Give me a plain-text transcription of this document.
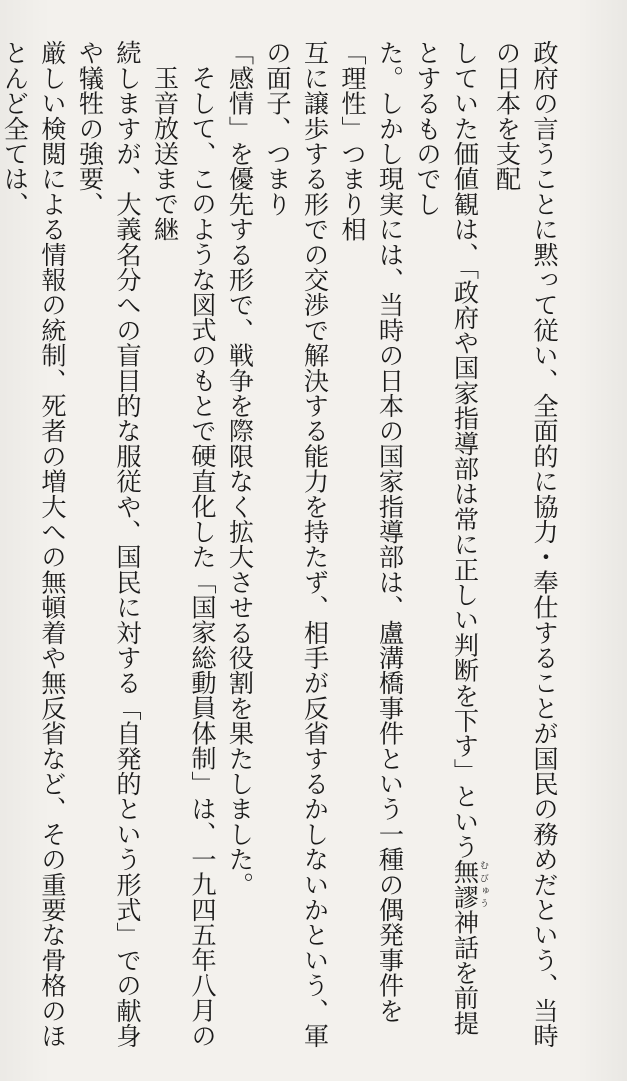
政府の言うことに黙って従い、全面的に協力・奉仕することが国民の務めだという、当時の日本を支配
していた価値観は、「政府や国家指導部は常に正しい判断を下す」という無謬むびゅう神話を前提とするものでし
た。しかし現実には、当時の日本の国家指導部は、盧溝橋事件という一種の偶発事件を「理性」つまり相
互に譲歩する形での交渉で解決する能力を持たず、相手が反省するかしないかという、軍の面子、つまり
「感情」を優先する形で、戦争を際限なく拡大させる役割を果たしました。
そして、このような図式のもとで硬直化した「国家総動員体制」は、一九四五年八月の玉音放送まで継
続しますが、大義名分への盲目的な服従や、国民に対する「自発的という形式」での献身や犠牲の強要、
厳しい検閲による情報の統制、死者の増大への無頓着や無反省など、その重要な骨格のほとんど全ては、
